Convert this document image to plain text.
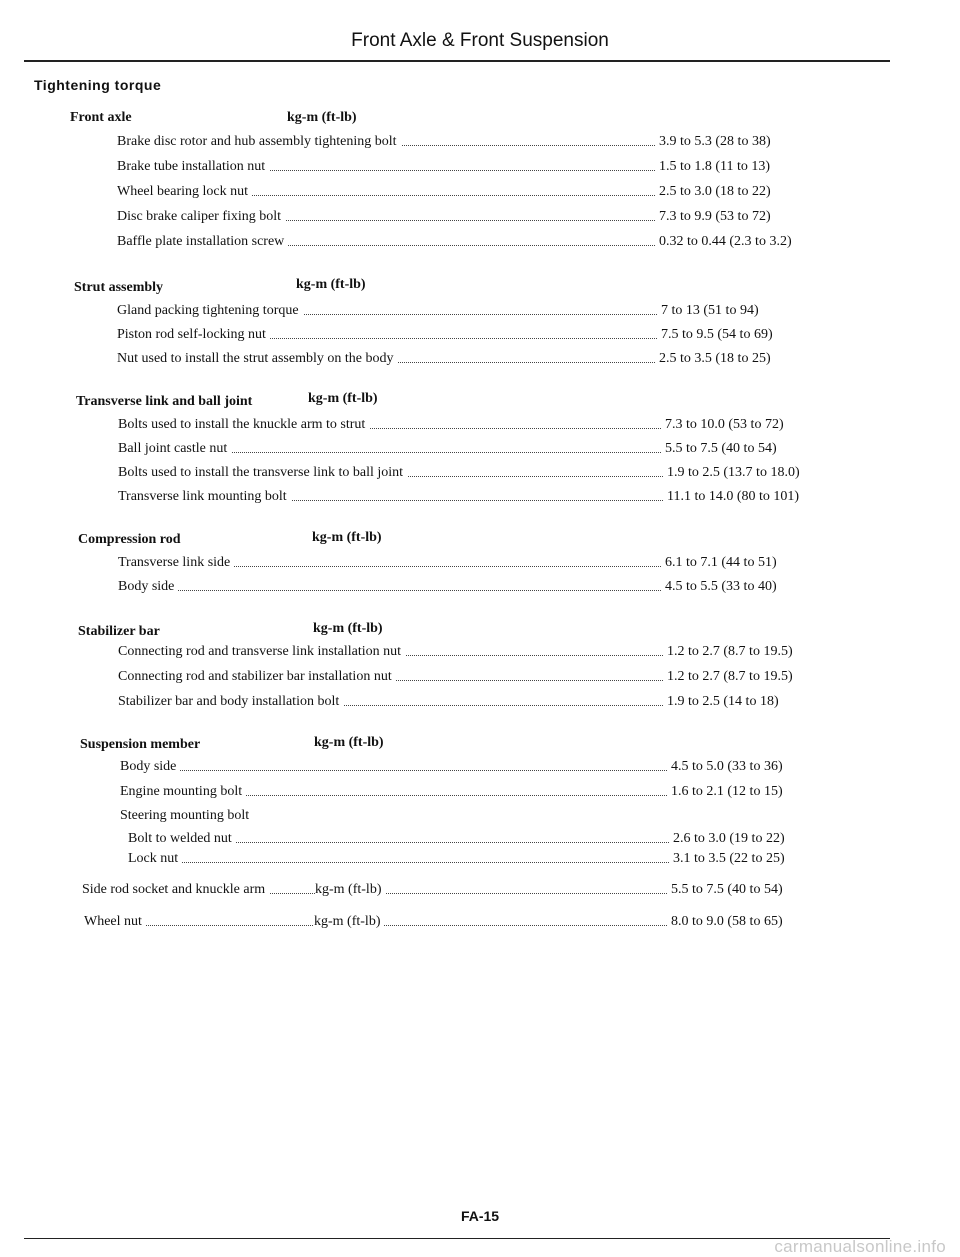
Front Axle & Front Suspension
Tightening torque
Front axle	kg-m (ft-lb)
Brake disc rotor and hub assembly tightening bolt	3.9 to 5.3 (28 to 38)
Brake tube installation nut	1.5 to 1.8 (11 to 13)
Wheel bearing lock nut	2.5 to 3.0 (18 to 22)
Disc brake caliper fixing bolt	7.3 to 9.9 (53 to 72)
Baffle plate installation screw	0.32 to 0.44 (2.3 to 3.2)
Strut assembly	kg-m (ft-lb)
Gland packing tightening torque	7 to 13 (51 to 94)
Piston rod self-locking nut	7.5 to 9.5 (54 to 69)
Nut used to install the strut assembly on the body	2.5 to 3.5 (18 to 25)
Transverse link and ball joint	kg-m (ft-lb)
Bolts used to install the knuckle arm to strut	7.3 to 10.0 (53 to 72)
Ball joint castle nut	5.5 to 7.5 (40 to 54)
Bolts used to install the transverse link to ball joint	1.9 to 2.5 (13.7 to 18.0)
Transverse link mounting bolt	11.1 to 14.0 (80 to 101)
Compression rod	kg-m (ft-lb)
Transverse link side	6.1 to 7.1 (44 to 51)
Body side	4.5 to 5.5 (33 to 40)
Stabilizer bar	kg-m (ft-lb)
Connecting rod and transverse link installation nut	1.2 to 2.7 (8.7 to 19.5)
Connecting rod and stabilizer bar installation nut	1.2 to 2.7 (8.7 to 19.5)
Stabilizer bar and body installation bolt	1.9 to 2.5 (14 to 18)
Suspension member	kg-m (ft-lb)
Body side	4.5 to 5.0 (33 to 36)
Engine mounting bolt	1.6 to 2.1 (12 to 15)
Steering mounting bolt
Bolt to welded nut	2.6 to 3.0 (19 to 22)
Lock nut	3.1 to 3.5 (22 to 25)
Side rod socket and knuckle arm	kg-m (ft-lb)	5.5 to 7.5 (40 to 54)
Wheel nut	kg-m (ft-lb)	8.0 to 9.0 (58 to 65)
FA-15
carmanualsonline.info
